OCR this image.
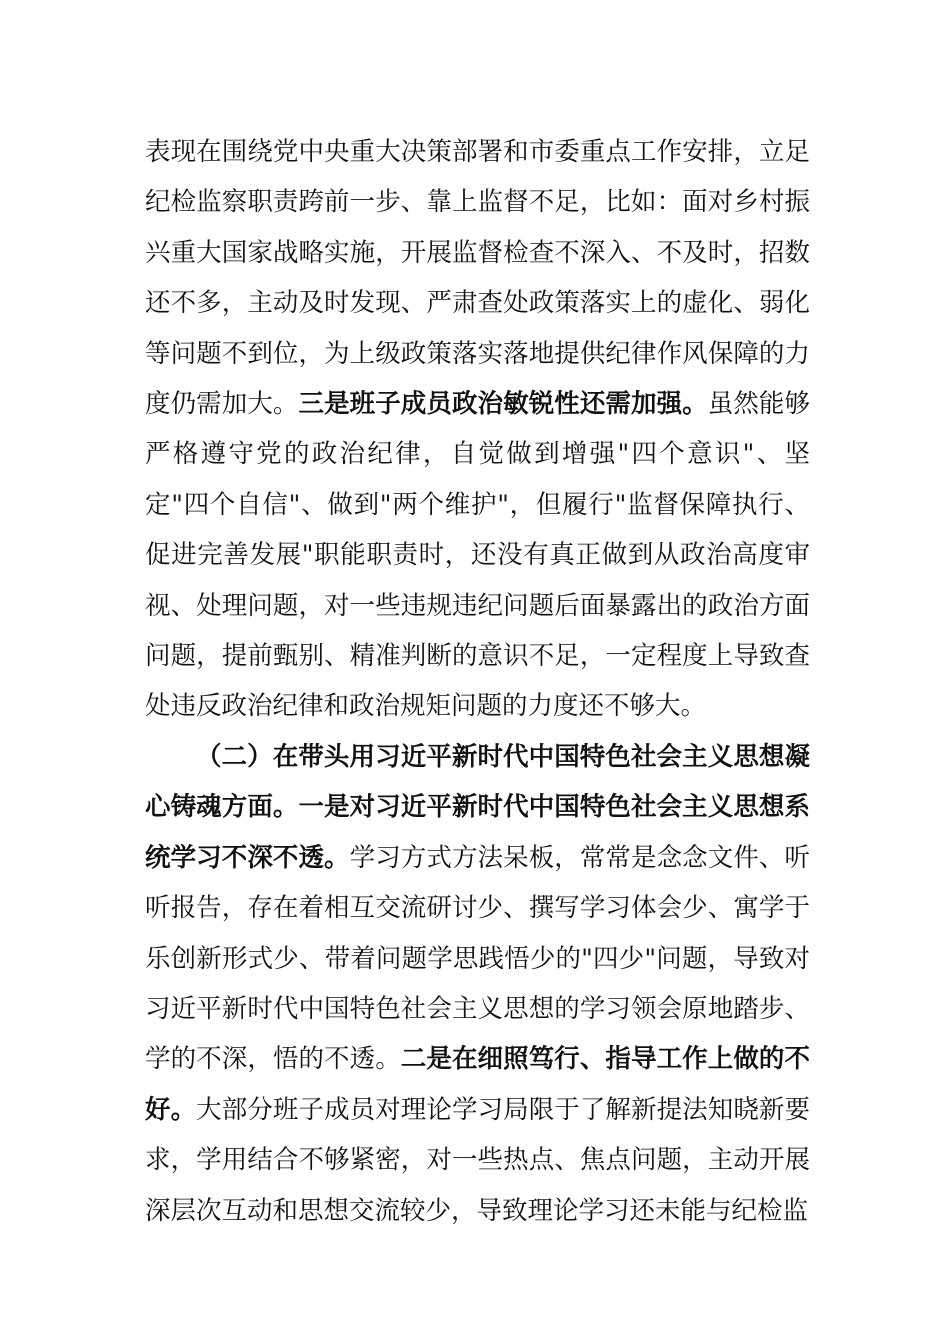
表现在围绕党中央重大决策部署和市委重点工作安排，立足纪检监察职责跨前一步、靠上监督不足，比如：面对乡村振兴重大国家战略实施，开展监督检查不深入、不及时，招数还不多，主动及时发现、严肃查处政策落实上的虚化、弱化等问题不到位，为上级政策落实落地提供纪律作风保障的力度仍需加大。三是班子成员政治敏锐性还需加强。虽然能够严格遵守党的政治纪律，自觉做到增强"四个意识"、坚定"四个自信"、做到"两个维护"，但履行"监督保障执行、促进完善发展"职能职责时，还没有真正做到从政治高度审视、处理问题，对一些违规违纪问题后面暴露出的政治方面问题，提前甄别、精准判断的意识不足，一定程度上导致查处违反政治纪律和政治规矩问题的力度还不够大。

（二）在带头用习近平新时代中国特色社会主义思想凝心铸魂方面。一是对习近平新时代中国特色社会主义思想系统学习不深不透。学习方式方法呆板，常常是念念文件、听听报告，存在着相互交流研讨少、撰写学习体会少、寓学于乐创新形式少、带着问题学思践悟少的"四少"问题，导致对习近平新时代中国特色社会主义思想的学习领会原地踏步、学的不深，悟的不透。二是在细照笃行、指导工作上做的不好。大部分班子成员对理论学习局限于了解新提法知晓新要求，学用结合不够紧密，对一些热点、焦点问题，主动开展深层次互动和思想交流较少，导致理论学习还未能与纪检监
